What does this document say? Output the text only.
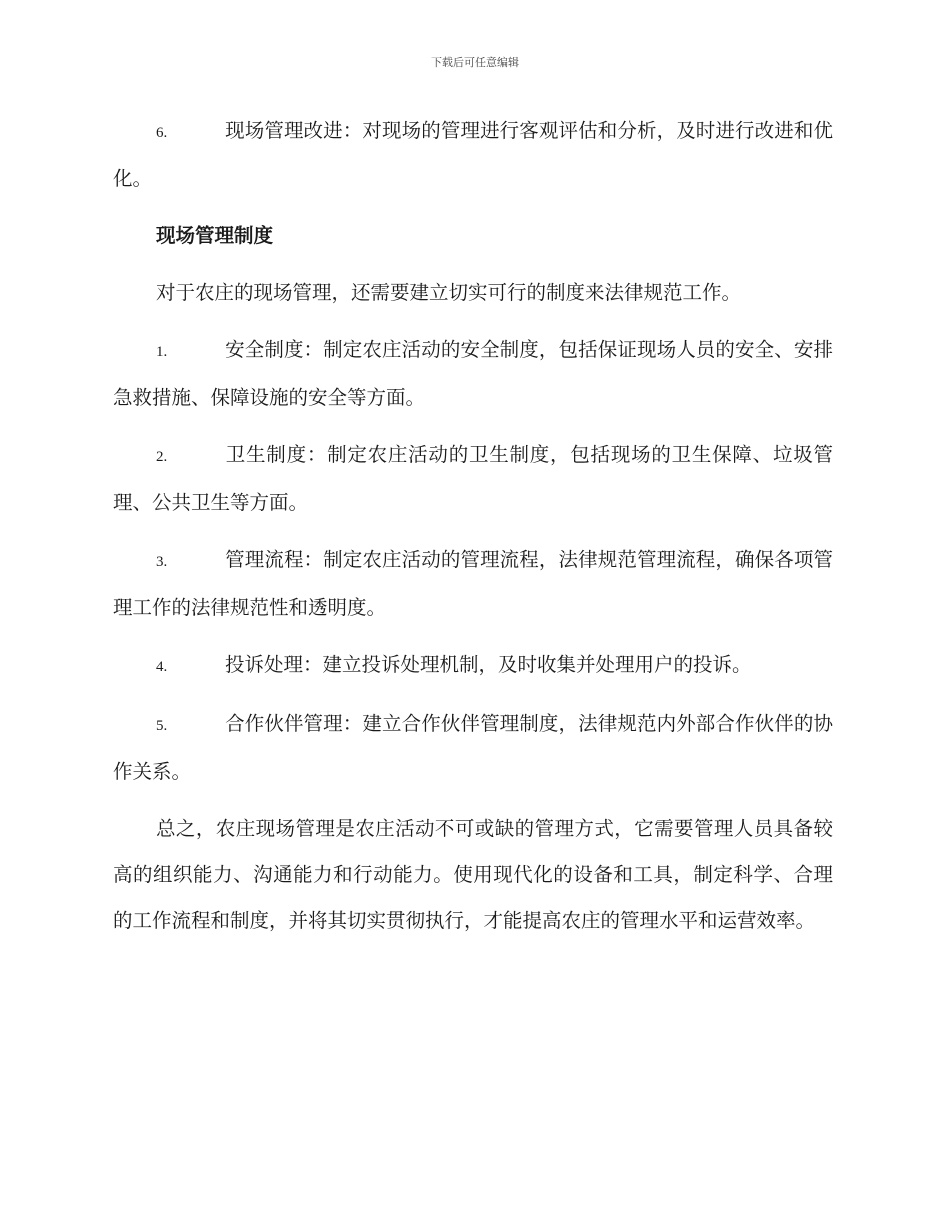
下载后可任意编辑

6.	现场管理改进：对现场的管理进行客观评估和分析，及时进行改进和优化。

现场管理制度

对于农庄的现场管理，还需要建立切实可行的制度来法律规范工作。

1.	安全制度：制定农庄活动的安全制度，包括保证现场人员的安全、安排急救措施、保障设施的安全等方面。

2.	卫生制度：制定农庄活动的卫生制度，包括现场的卫生保障、垃圾管理、公共卫生等方面。

3.	管理流程：制定农庄活动的管理流程，法律规范管理流程，确保各项管理工作的法律规范性和透明度。

4.	投诉处理：建立投诉处理机制，及时收集并处理用户的投诉。

5.	合作伙伴管理：建立合作伙伴管理制度，法律规范内外部合作伙伴的协作关系。

总之，农庄现场管理是农庄活动不可或缺的管理方式，它需要管理人员具备较高的组织能力、沟通能力和行动能力。使用现代化的设备和工具，制定科学、合理的工作流程和制度，并将其切实贯彻执行，才能提高农庄的管理水平和运营效率。
